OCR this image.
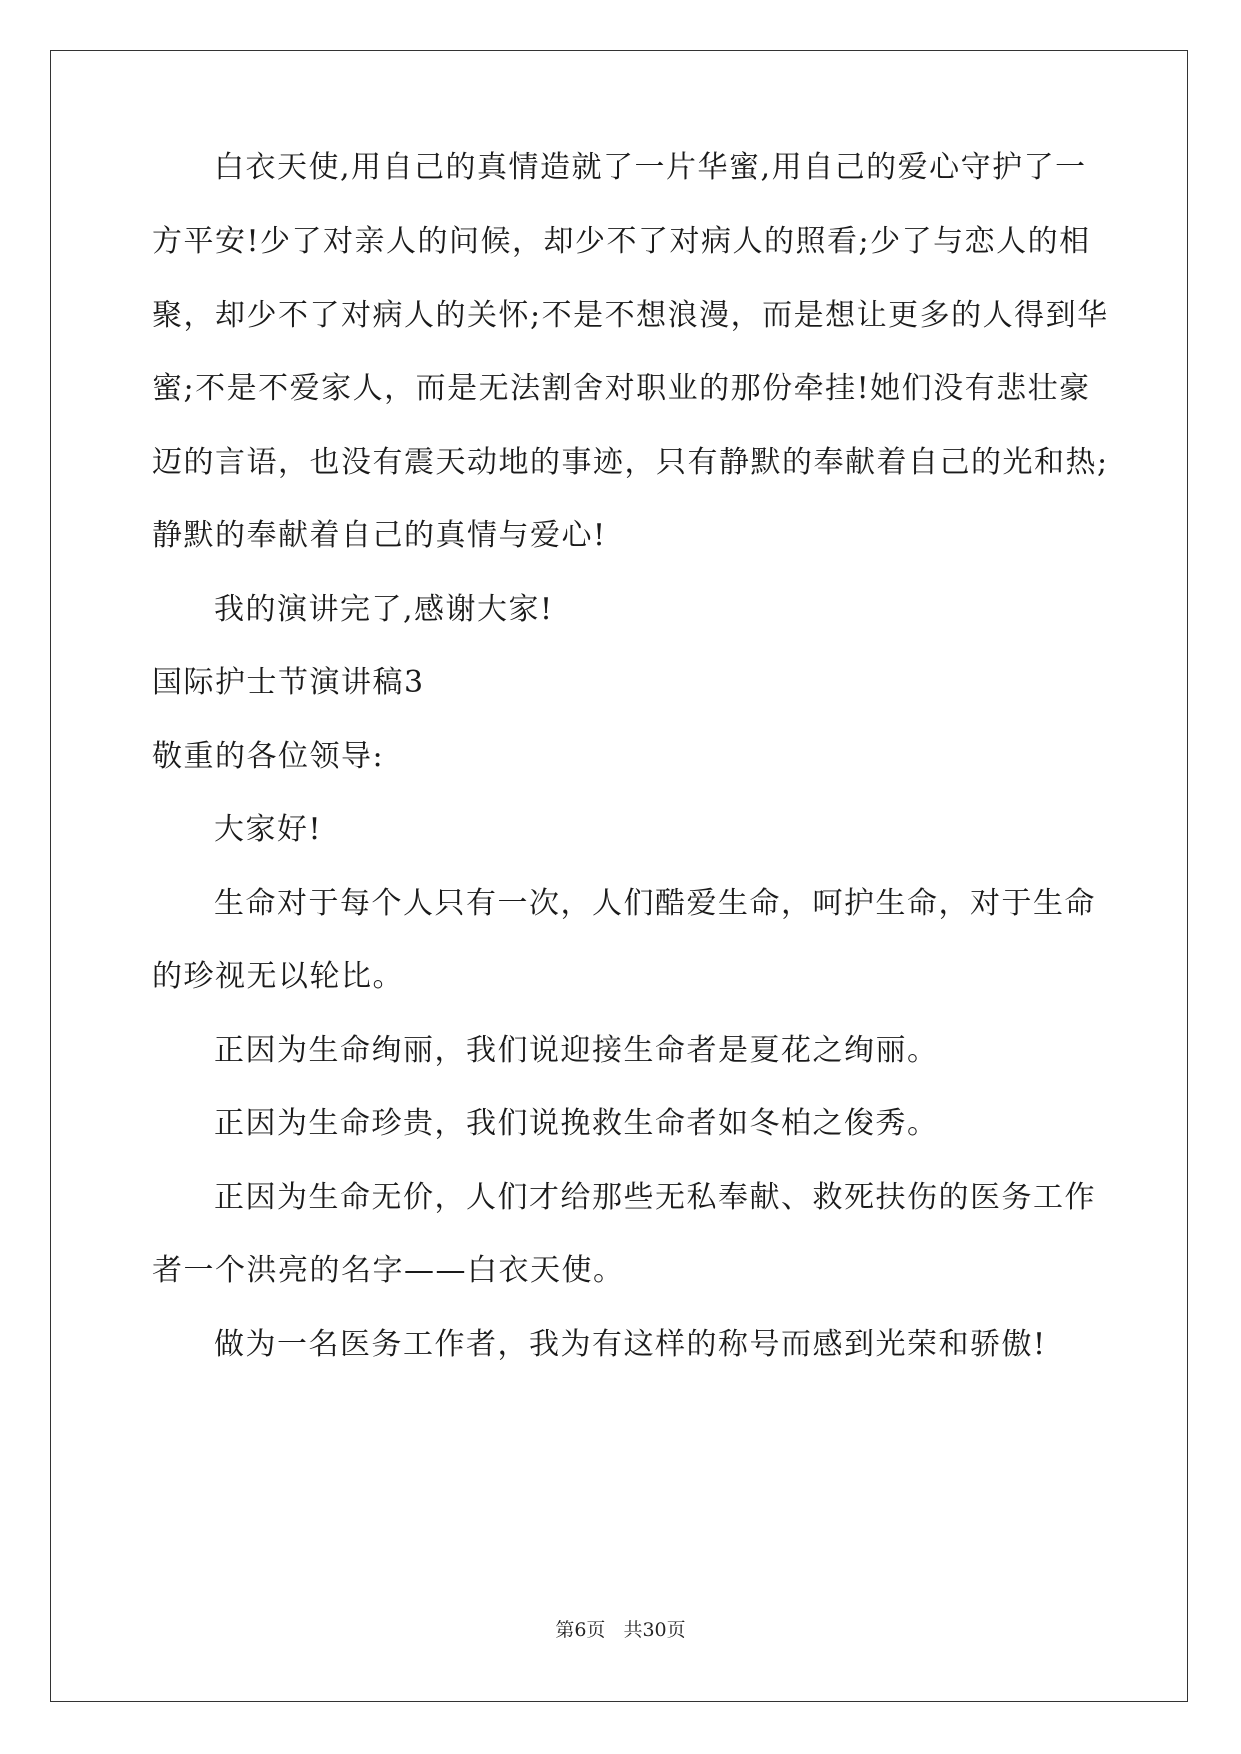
白衣天使,用自己的真情造就了一片华蜜,用自己的爱心守护了一
方平安!少了对亲人的问候，却少不了对病人的照看;少了与恋人的相
聚，却少不了对病人的关怀;不是不想浪漫，而是想让更多的人得到华
蜜;不是不爱家人，而是无法割舍对职业的那份牵挂!她们没有悲壮豪
迈的言语，也没有震天动地的事迹，只有静默的奉献着自己的光和热;
静默的奉献着自己的真情与爱心!
我的演讲完了,感谢大家!
国际护士节演讲稿3
敬重的各位领导:
大家好!
生命对于每个人只有一次，人们酷爱生命，呵护生命，对于生命
的珍视无以轮比。
正因为生命绚丽，我们说迎接生命者是夏花之绚丽。
正因为生命珍贵，我们说挽救生命者如冬柏之俊秀。
正因为生命无价，人们才给那些无私奉献、救死扶伤的医务工作
者一个洪亮的名字——白衣天使。
做为一名医务工作者，我为有这样的称号而感到光荣和骄傲!
第6页 共30页
